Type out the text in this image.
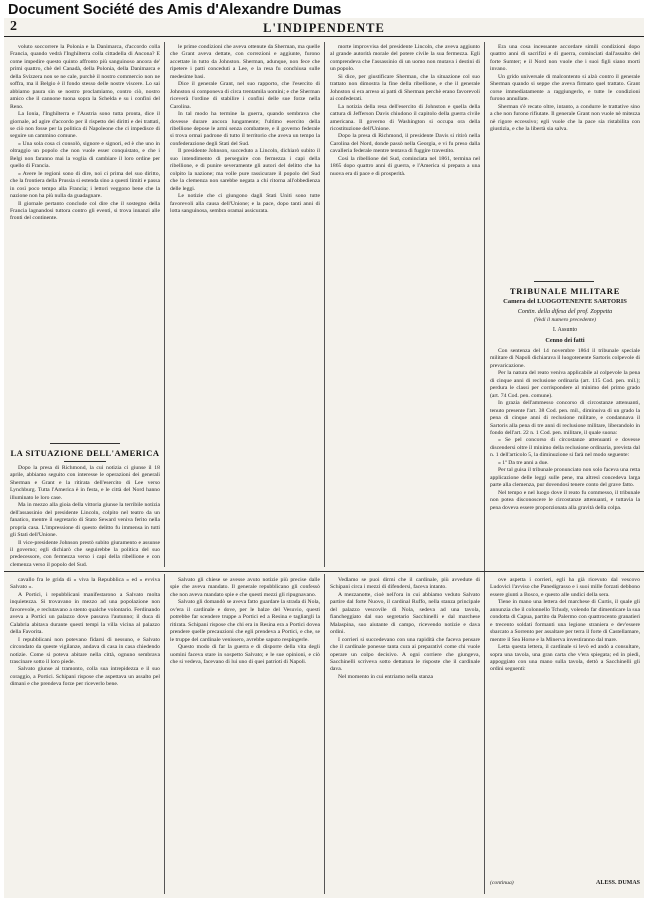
Document Société des Amis d'Alexandre Dumas
2	L'INDIPENDENTE

voluto soccorrere la Polonia e la Danimarca, d'accordo colla Francia, quando vedrà l'Inghilterra colla cittadella di Ancona? E come impedire questo quinto affronto più sanguinoso ancora de' primi quattro, chè del Canadà, della Polonia, della Danimarca e della Svizzera non se ne cale, purchè il nostro commercio non ne soffra, ma il Belgio è il fondo stesso delle nostre viscere. Lo sai abbiamo paura sin se nostro proclamiamo, contro ciò, nostro amico che il cannone tuona sopra la Schelda e su i confini del Reno.

La Ionia, l'Inghilterra e l'Austria sono tutta pronta, dice il giornale, ad agire d'accordo per il rispetto dei diritti e dei trattati, se ciò non fosse per la politica di Napoleone che ci impedisce di seguire un cammino comune.

« Una sola cosa ci consolò, signore e signori, ed è che uno in oltraggio un popolo che non vuole esser conquistato, e che i Belgi non faranno mai la voglia di cambiare il loro ordine per quello di Francia.

« Avere le regioni sono di dire, noi ci prima del suo diritto, che la frontiera della Prussia si estenda sino a questi limiti e passa in così poco tempo alla Francia; i lettori veggono bene che la nazione non ha più nulla da guadagnare.

Il giornale pertanto conclude col dire che il sostegno della Francia lagnandosi tuttora contro gli eventi, si trova innanzi alle fronti del continente.

LA SITUAZIONE DELL'AMERICA

Dopo la presa di Richmond, la cui notizia ci giunse il 18 aprile, abbiamo seguito con interesse le operazioni dei generali Sherman e Grant e la ritirata dell'esercito di Lee verso Lynchburg. Tutta l'America è in festa, e le città del Nord hanno illuminato le loro case.

Ma in mezzo alla gioia della vittoria giunse la terribile notizia dell'assassinio del presidente Lincoln, colpito nel teatro da un fanatico, mentre il segretario di Stato Seward veniva ferito nella propria casa. L'impressione di questo delitto fu immensa in tutti gli Stati dell'Unione.

Il vice-presidente Johnson prestò subito giuramento e assunse il governo; egli dichiarò che seguirebbe la politica del suo predecessore, con fermezza verso i capi della ribellione e con clemenza verso il popolo del Sud.

le prime condizioni che aveva ottenute da Sherman, ma quelle che Grant aveva dettate, con correzioni e aggiunte, furono accettate in tutto da Johnston. Sherman, adunque, non fece che ripetere i patti conceduti a Lee, e la resa fu conchiusa sulle medesime basi.

Dice il generale Grant, nel suo rapporto, che l'esercito di Johnston si componeva di circa trentamila uomini; e che Sherman riceverà l'ordine di stabilire i confini delle sue forze nella Carolina.

In tal modo ha termine la guerra, quando sembrava che dovesse durare ancora lungamente; l'ultimo esercito della ribellione depose le armi senza combattere, e il governo federale si trova ormai padrone di tutto il territorio che aveva un tempo la confederazione degli Stati del Sud.

Il presidente Johnson, succeduto a Lincoln, dichiarò subito il suo intendimento di perseguire con fermezza i capi della ribellione, e di punire severamente gli autori del delitto che ha colpito la nazione; ma volle pure rassicurare il popolo del Sud che la clemenza non sarebbe negata a chi ritorna all'obbedienza delle leggi.

Le notizie che ci giungono dagli Stati Uniti sono tutte favorevoli alla causa dell'Unione; e la pace, dopo tanti anni di lotta sanguinosa, sembra oramai assicurata.

morte improvvisa del presidente Lincoln, che aveva aggiunto al grande autorità morale del potere civile la sua fermezza. Egli comprendeva che l'assassinio di un uomo non mutava i destini di un popolo.

Si dice, per giustificare Sherman, che la situazione col suo trattato non dimostra la fine della ribellione, e che il generale Johnston si era arreso ai patti di Sherman perchè erano favorevoli ai confederati.

La notizia della resa dell'esercito di Johnston e quella della cattura di Jefferson Davis chiudono il capitolo della guerra civile americana. Il governo di Washington si occupa ora della ricostituzione dell'Unione.

Dopo la presa di Richmond, il presidente Davis si ritirò nella Carolina del Nord, donde passò nella Georgia, e vi fu preso dalla cavalleria federale mentre tentava di fuggire travestito.

Così la ribellione del Sud, cominciata nel 1861, termina nel 1865 dopo quattro anni di guerra, e l'America si prepara a una nuova era di pace e di prosperità.

Era una cosa incessante accordare simili condizioni dopo quattro anni di sacrifizi e di guerra, cominciati dall'assalto del forte Sumter; e il Nord non vuole che i suoi figli siano morti invano.

Un grido universale di malcontento si alzò contro il generale Sherman quando si seppe che aveva firmato quel trattato. Grant corse immediatamente a raggiungerlo, e tutte le condizioni furono annullate.

Sherman s'è recato oltre, intanto, a condurre le trattative sino a che non furono rifiutate. Il generale Grant non vuole nè mitezza nè rigore eccessivo; egli vuole che la pace sia ristabilita con giustizia, e che la libertà sia salva.

TRIBUNALE MILITARE
Camera del LUOGOTENENTE SARTORIS
Contin. della difesa del prof. Zoppetta
(Vedi il numero precedente)
I. Assunto
Cenno dei fatti

Con sentenza del 14 novembre 1864 il tribunale speciale militare di Napoli dichiarava il luogotenente Sartoris colpevole di prevaricazione.

Per la natura del reato veniva applicabile al colpevole la pena di cinque anni di reclusione ordinaria (art. 115 Cod. pen. mil.); perdura le classi per corrispondere al minimo del primo grado (art. 74 Cod. pen. comune).

In grazia dell'ammesso concorso di circostanze attenuanti, tenuto presente l'art. 38 Cod. pen. mil., diminuiva di un grado la pena di cinque anni di reclusione militare, e condannava il Sartoris alla pena di tre anni di reclusione militare, liberandolo in fondo dell'art. 22 n. 1 Cod. pen. militare, il quale suona:

« Se pel concorso di circostanze attenuanti e dovesse discendersi oltre il minimo della reclusione ordinaria, prevista dal n. 1 dell'articolo 5, la diminuzione si farà nel modo seguente:

« 1º Da tre anni a due.

Per tal guisa il tribunale pronunciato non solo faceva una retta applicazione delle leggi sulle pene, ma altresì concedeva larga parte alla clemenza, pur dovendosi tenere conto del grave fatto.

Nel tempo e nel luogo dove il reato fu commesso, il tribunale non potea disconoscere le circostanze attenuanti, e tuttavia la pena doveva essere proporzionata alla gravità della colpa.

cavallo fra le grida di « viva la Repubblica » ed « evviva Salvato ».

A Portici, i repubblicani manifestarono a Salvato molta inquietezza. Si trovavano in mezzo ad una popolazione non favorevole, e reclutavano a stento qualche volontario. Ferdinando aveva a Portici un palazzo dove passava l'autunno; il duca di Calabria abitava durante questi tempi la villa vicina al palazzo della Favorita.

I repubblicani non potevano fidarsi di nessuno, e Salvato circondato da queste vigilanze, andava di casa in casa chiedendo notizie. Come si poteva abitare nella città, ognuno sembrava trascinare sotto il loro piede.

Salvato giunse al tramonto, colla sua intrepidezza e il suo coraggio, a Portici. Schipani rispose che aspettava un assalto pel dimani e che prendeva forze per riceverlo bene.

Salvato gli chiese se avesse avuto notizie più precise dalle spie che aveva mandato. Il generale repubblicano gli confessò che non aveva mandato spie e che questi mezzi gli ripugnavano.

Salvato gli domandò se aveva fatto guardare la strada di Nola, ov'era il cardinale e dove, per le balze del Vesuvio, questi potrebbe far scendere truppe a Portici ed a Resina e tagliargli la ritirata. Schipani rispose che chi era in Resina era a Portici dovea prendere quelle precauzioni che egli prendeva a Portici, e che, se le truppe del cardinale venissero, avrebbe saputo respingerle.

Questo modo di far la guerra e di disporre della vita degli uomini faceva stare in sospetto Salvato; e le sue opinioni, e ciò che si vedeva, facevano di lui uno di quei patrioti di Napoli.

Vedlamo se puoi dirmi che il cardinale, più avvedute di Schipani circa i mezzi di difendersi, faceva intanto.

A mezzanotte, cioè nell'ora in cui abbiamo veduto Salvato partire dal forte Nuovo, il cardinal Ruffo, nella stanza principale del palazzo vescovile di Nola, sedeva ad una tavola, fiancheggiato dal suo segretario Sacchinelli e dal marchese Malaspina, suo aiutante di campo, ricevendo notizie e dava ordini.

I corrieri si succedevano con una rapidità che faceva pensare che il cardinale ponesse tanta cura ai preparativi come chi vuole operare un colpo decisivo. A ogni corriere che giungeva, Sacchinelli scriveva sotto dettatura le risposte che il cardinale dava.

Nel momento in cui entriamo nella stanza

ove aspetta i corrieri, egli ha già ricevuto dal vescovo Ludovici l'avviso che Panedigrasso e i suoi mille forzati debbono essere giunti a Bosco, e questo alle undici della sera.

Tiene in mano una lettera del marchese di Curtis, il quale gli annunzia che il colonnello Tchudy, volendo far dimenticare la sua condotta di Capua, partito da Palermo con quattrocento granatieri e trecento soldati formanti una legione straniera e dev'essere sbarcato a Sorrento per assaltare per terra il forte di Castellamare, mentre il Sea Horse e la Minerva investiranno dal mare.

Letta questa lettera, il cardinale si levò ed andò a consultare, sopra una tavola, una gran carta che v'era spiegata; ed in piedi, appoggiato con una mano sulla tavola, dettò a Sacchinelli gli ordini seguenti:

(continua)	ALESS. DUMAS
